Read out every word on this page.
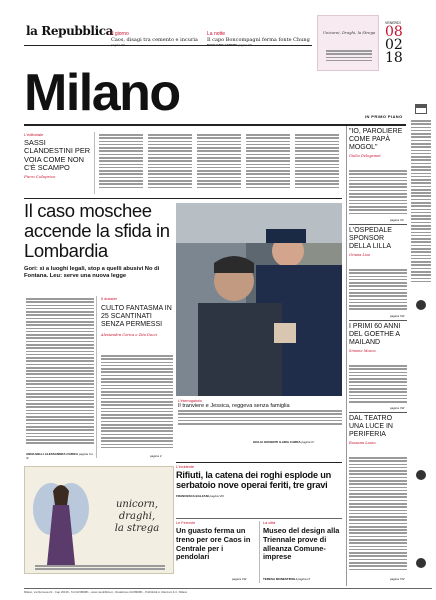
la Repubblica
Il giorno
Caos, disagi tra cemento e incuria
La notte
Il capo Boncompagni ferma fonte Chung
Unicorni, Draghi, la Strega
VENERDÌ
08
02
18
Milano	IN PRIMO PIANO
L'editoriale
SASSI CLANDESTINI PER VOIA COME NON C'È SCAMPO
Piero Colaprico
Il caso moschee accende la sfida in Lombardia
Gori: sì a luoghi legali, stop a quelli abusivi No di Fontana. Leu: serve una nuova legge
ANNA BELLI ALESSANDRA CORICA pagina II e III
Il dossier
CULTO FANTASMA IN 25 SCANTINATI SENZA PERMESSI
Alessandra Corica e Zita Dazzi
pagina II
L'interrogatorio
Il tranviere e Jessica, reggeva senza famiglia
GIULIA GIOSENTI ILARIA CARRA pagina IV
"IO, PAROLIERE COME PAPÀ MOGOL"
Giulio Delogamet
pagina XII
L'OSPEDALE SPONSOR DELLA LILLA
Oriana Liso
pagina XIII
I PRIMI 60 ANNI DEL GOETHE A MAILAND
Simone Mosca
pagina XIII
DAL TEATRO UNA LUCE IN PERIFERIA
Rossana Lasso
pagina XIV
unicorn,
draghi,
la strega
L'incidente
Rifiuti, la catena dei roghi esplode un serbatoio nove operai feriti, tre gravi
FRANCESCA BALZANI pagina VIII
Le Ferrovie
Un guasto ferma un treno per ore Caos in Centrale per i pendolari
pagina VIII
La città
Museo del design alla Triennale prove di alleanza Comune-imprese
TERESA MONESTIROLI pagina IX
Milano, via Nervesa 21 - Cap 20139 - Tel 02/480981 - www.repubblica.it - Redazione 02/480981 - Pubblicità A. Manzoni & C. Milano
